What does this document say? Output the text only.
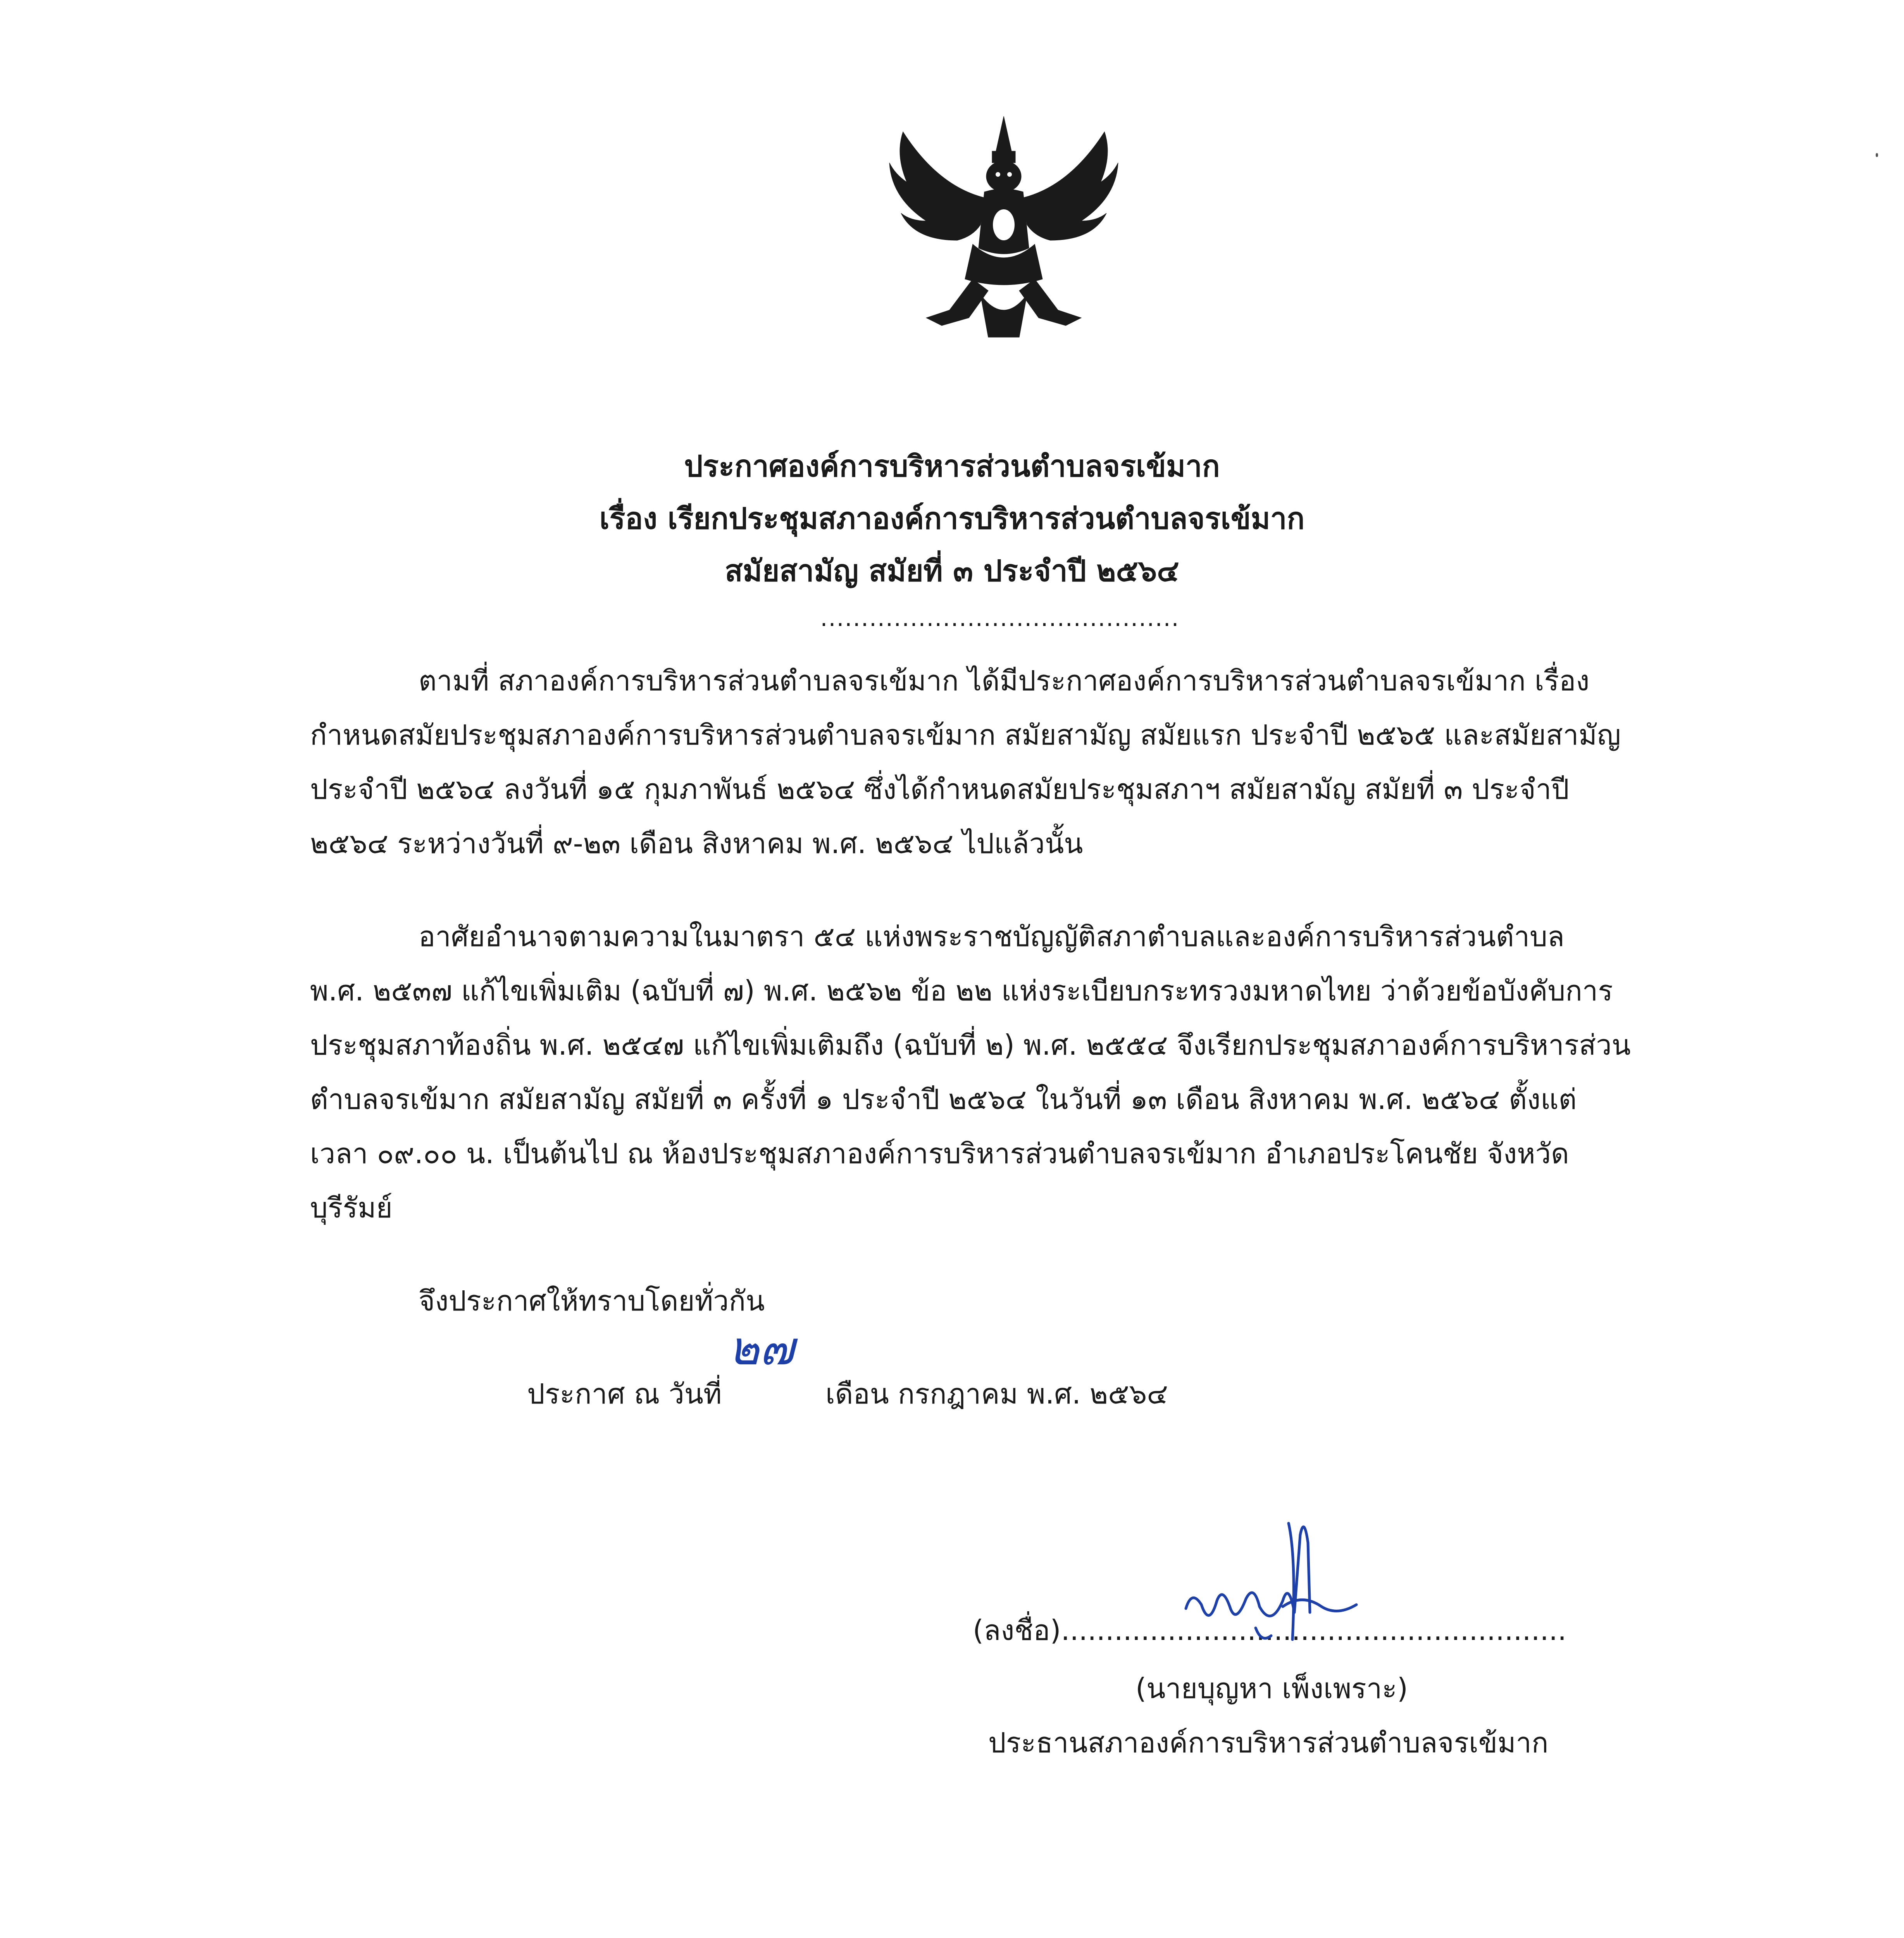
ประกาศองค์การบริหารส่วนตำบลจรเข้มาก
เรื่อง เรียกประชุมสภาองค์การบริหารส่วนตำบลจรเข้มาก
สมัยสามัญ สมัยที่ ๓ ประจำปี ๒๕๖๔
............................................
ตามที่ สภาองค์การบริหารส่วนตำบลจรเข้มาก ได้มีประกาศองค์การบริหารส่วนตำบลจรเข้มาก เรื่อง
กำหนดสมัยประชุมสภาองค์การบริหารส่วนตำบลจรเข้มาก สมัยสามัญ สมัยแรก ประจำปี ๒๕๖๕ และสมัยสามัญ
ประจำปี ๒๕๖๔ ลงวันที่ ๑๕ กุมภาพันธ์ ๒๕๖๔ ซึ่งได้กำหนดสมัยประชุมสภาฯ สมัยสามัญ สมัยที่ ๓ ประจำปี
๒๕๖๔ ระหว่างวันที่ ๙-๒๓ เดือน สิงหาคม พ.ศ. ๒๕๖๔ ไปแล้วนั้น
อาศัยอำนาจตามความในมาตรา ๕๔ แห่งพระราชบัญญัติสภาตำบลและองค์การบริหารส่วนตำบล
พ.ศ. ๒๕๓๗ แก้ไขเพิ่มเติม (ฉบับที่ ๗) พ.ศ. ๒๕๖๒ ข้อ ๒๒ แห่งระเบียบกระทรวงมหาดไทย ว่าด้วยข้อบังคับการ
ประชุมสภาท้องถิ่น พ.ศ. ๒๕๔๗ แก้ไขเพิ่มเติมถึง (ฉบับที่ ๒) พ.ศ. ๒๕๕๔ จึงเรียกประชุมสภาองค์การบริหารส่วน
ตำบลจรเข้มาก สมัยสามัญ สมัยที่ ๓ ครั้งที่ ๑ ประจำปี ๒๕๖๔ ในวันที่ ๑๓ เดือน สิงหาคม พ.ศ. ๒๕๖๔ ตั้งแต่
เวลา ๐๙.๐๐ น. เป็นต้นไป ณ ห้องประชุมสภาองค์การบริหารส่วนตำบลจรเข้มาก อำเภอประโคนชัย จังหวัด
บุรีรัมย์
จึงประกาศให้ทราบโดยทั่วกัน
ประกาศ ณ วันที่
๒๗
เดือน กรกฎาคม พ.ศ. ๒๕๖๔
(ลงชื่อ).........................................................
(นายบุญหา เพ็งเพราะ)
ประธานสภาองค์การบริหารส่วนตำบลจรเข้มาก
